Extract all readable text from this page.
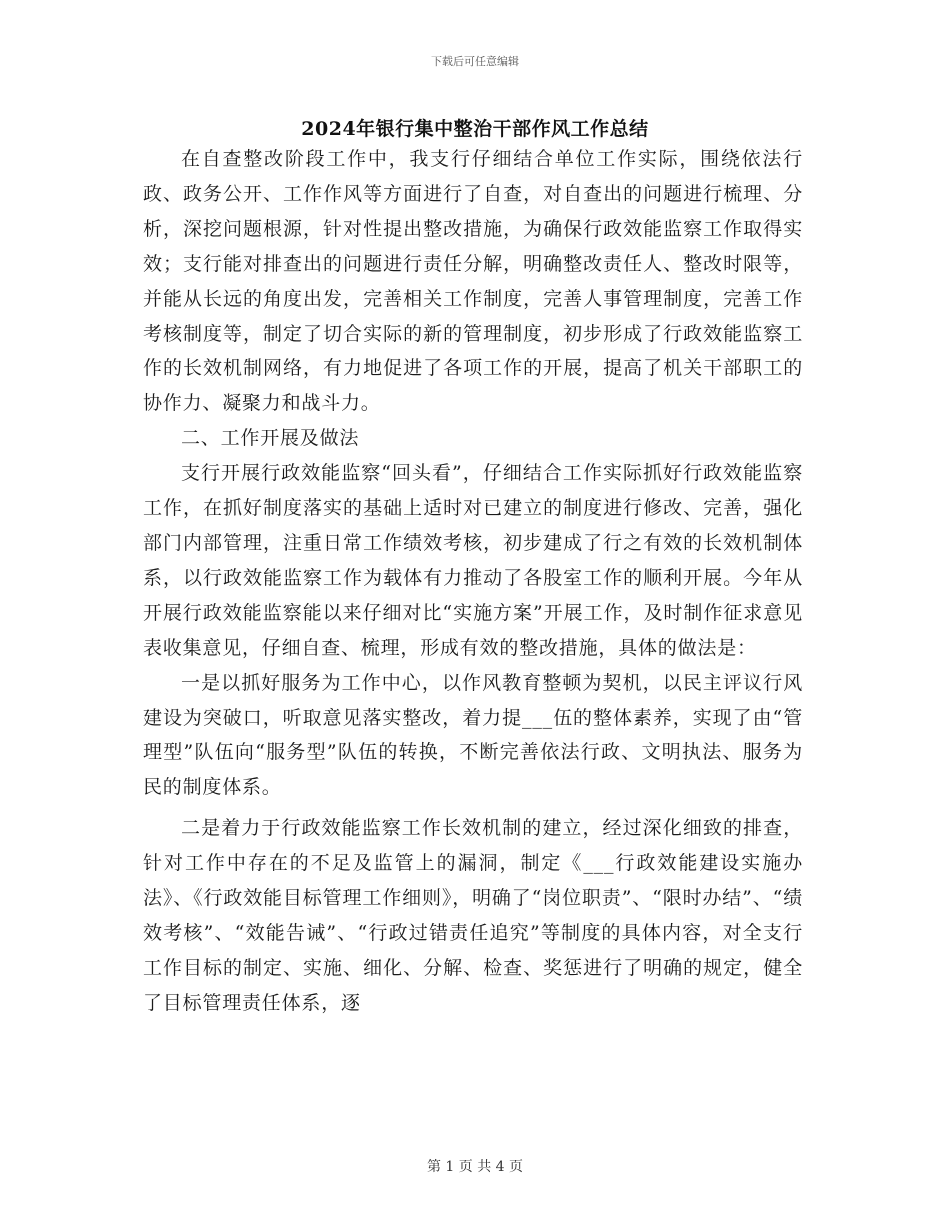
下载后可任意编辑
2024年银行集中整治干部作风工作总结

在自查整改阶段工作中，我支行仔细结合单位工作实际，围绕依法行政、政务公开、工作作风等方面进行了自查，对自查出的问题进行梳理、分析，深挖问题根源，针对性提出整改措施，为确保行政效能监察工作取得实效；支行能对排查出的问题进行责任分解，明确整改责任人、整改时限等，并能从长远的角度出发，完善相关工作制度，完善人事管理制度，完善工作考核制度等，制定了切合实际的新的管理制度，初步形成了行政效能监察工作的长效机制网络，有力地促进了各项工作的开展，提高了机关干部职工的协作力、凝聚力和战斗力。

二、工作开展及做法

支行开展行政效能监察“回头看”，仔细结合工作实际抓好行政效能监察工作，在抓好制度落实的基础上适时对已建立的制度进行修改、完善，强化部门内部管理，注重日常工作绩效考核，初步建成了行之有效的长效机制体系，以行政效能监察工作为载体有力推动了各股室工作的顺利开展。今年从开展行政效能监察能以来仔细对比“实施方案”开展工作，及时制作征求意见表收集意见，仔细自查、梳理，形成有效的整改措施，具体的做法是：

一是以抓好服务为工作中心，以作风教育整顿为契机，以民主评议行风建设为突破口，听取意见落实整改，着力提___伍的整体素养，实现了由“管理型”队伍向“服务型”队伍的转换，不断完善依法行政、文明执法、服务为民的制度体系。

二是着力于行政效能监察工作长效机制的建立，经过深化细致的排查，针对工作中存在的不足及监管上的漏洞，制定《___行政效能建设实施办法》、《行政效能目标管理工作细则》，明确了“岗位职责”、“限时办结”、“绩效考核”、“效能告诫”、“行政过错责任追究”等制度的具体内容，对全支行工作目标的制定、实施、细化、分解、检查、奖惩进行了明确的规定，健全了目标管理责任体系，逐

第 1 页 共 4 页
